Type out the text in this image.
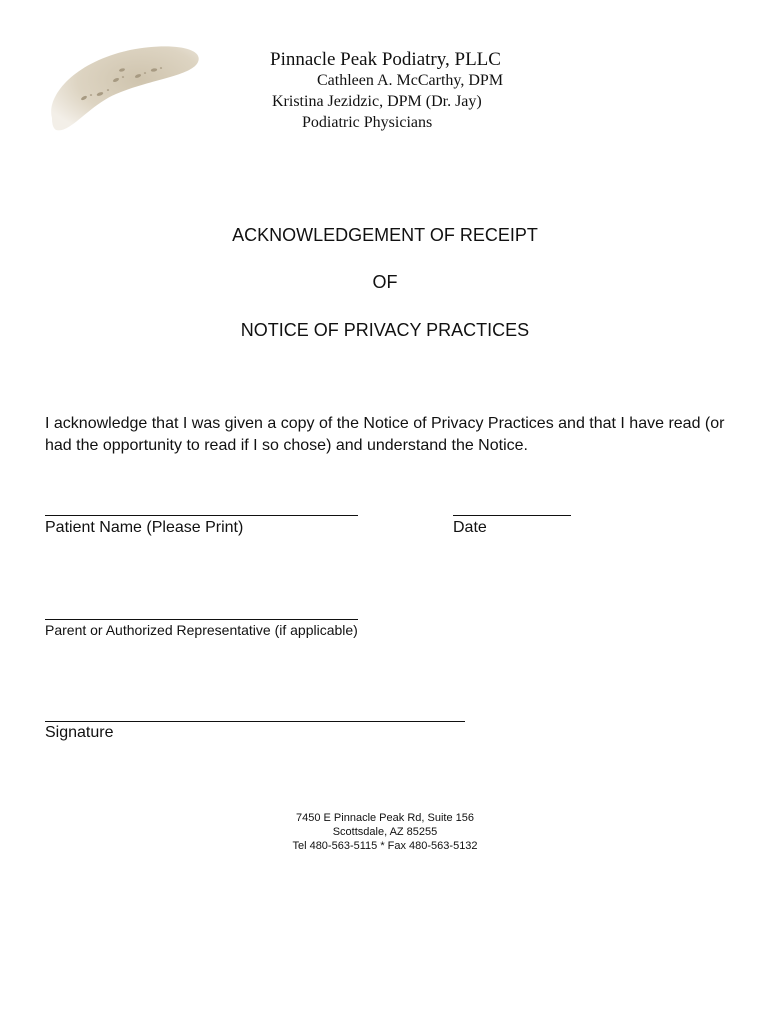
Pinnacle Peak Podiatry, PLLC
Cathleen A. McCarthy, DPM
Kristina Jezidzic, DPM (Dr. Jay)
Podiatric Physicians
ACKNOWLEDGEMENT OF RECEIPT
OF
NOTICE OF PRIVACY PRACTICES
I acknowledge that I was given a copy of the Notice of Privacy Practices and that I have read (or had the opportunity to read if I so chose) and understand the Notice.
Patient Name (Please Print)	Date
Parent or Authorized Representative (if applicable)
Signature
7450 E Pinnacle Peak Rd, Suite 156
Scottsdale, AZ 85255
Tel 480-563-5115 * Fax 480-563-5132
